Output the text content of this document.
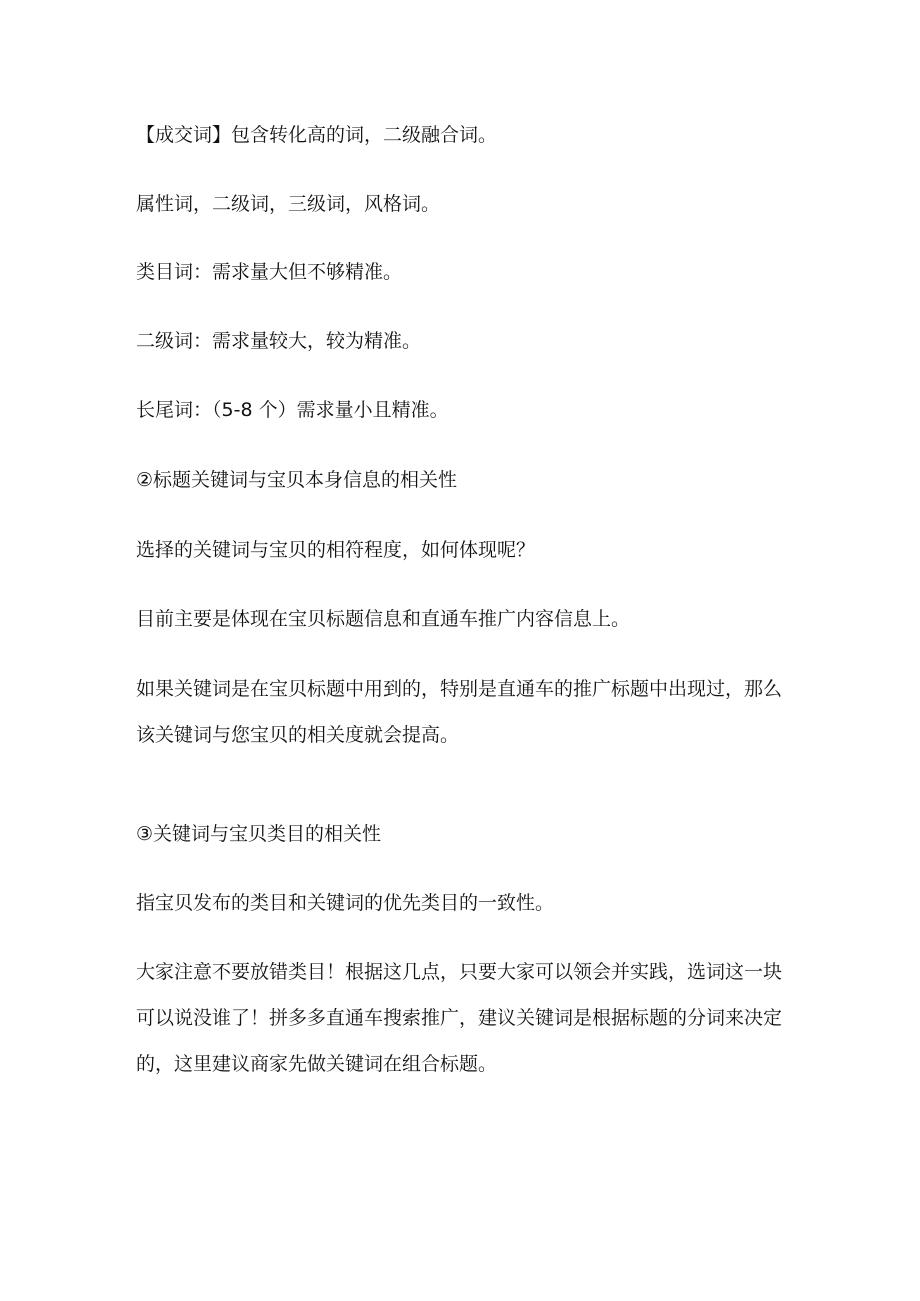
【成交词】包含转化高的词，二级融合词。

属性词，二级词，三级词，风格词。

类目词：需求量大但不够精准。

二级词：需求量较大，较为精准。

长尾词：（5-8 个）需求量小且精准。

②标题关键词与宝贝本身信息的相关性

选择的关键词与宝贝的相符程度，如何体现呢？

目前主要是体现在宝贝标题信息和直通车推广内容信息上。

如果关键词是在宝贝标题中用到的，特别是直通车的推广标题中出现过，那么
该关键词与您宝贝的相关度就会提高。

③关键词与宝贝类目的相关性

指宝贝发布的类目和关键词的优先类目的一致性。

大家注意不要放错类目！根据这几点，只要大家可以领会并实践，选词这一块
可以说没谁了！拼多多直通车搜索推广，建议关键词是根据标题的分词来决定
的，这里建议商家先做关键词在组合标题。
